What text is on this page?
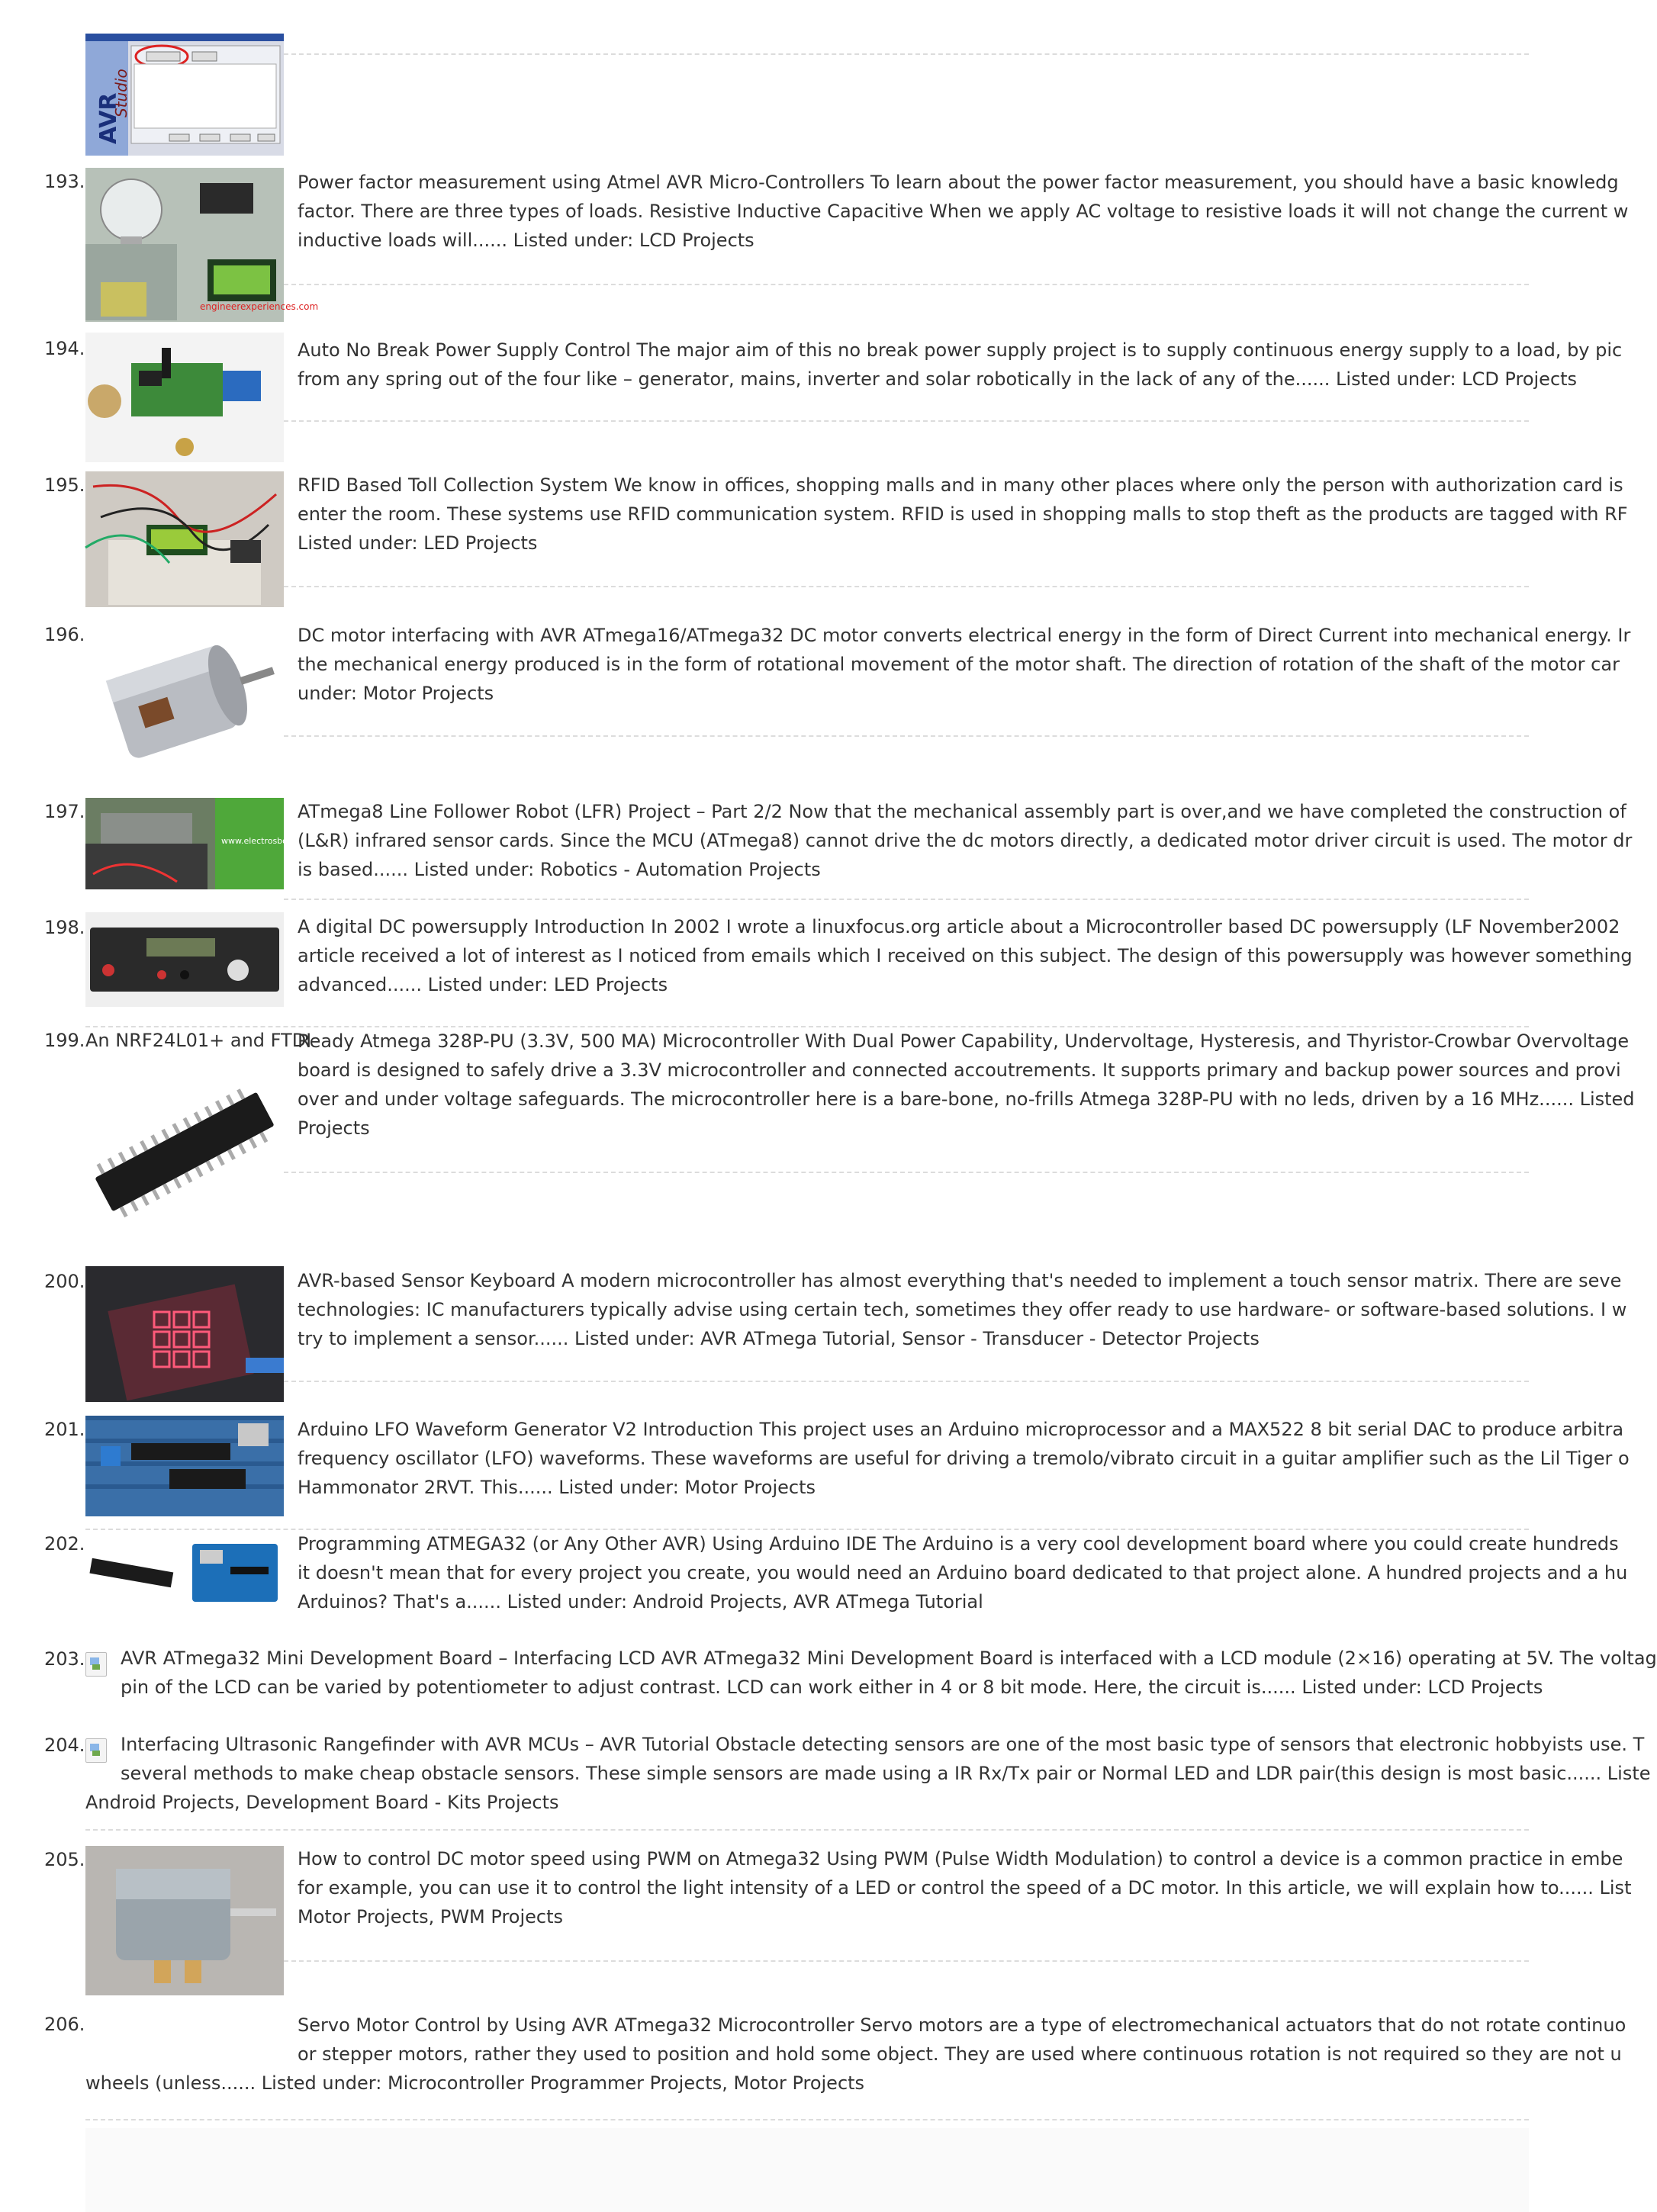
AVR
Studio
193.
engineerexperiences.com
Power factor measurement using Atmel AVR Micro-Controllers To learn about the power factor measurement, you should have a basic knowledg
factor. There are three types of loads. Resistive Inductive Capacitive When we apply AC voltage to resistive loads it will not change the current w
inductive loads will...... Listed under: LCD Projects
194.	Auto No Break Power Supply Control The major aim of this no break power supply project is to supply continuous energy supply to a load, by pic
from any spring out of the four like – generator, mains, inverter and solar robotically in the lack of any of the...... Listed under: LCD Projects
195.	RFID Based Toll Collection System We know in offices, shopping malls and in many other places where only the person with authorization card is
enter the room. These systems use RFID communication system. RFID is used in shopping malls to stop theft as the products are tagged with RF
Listed under: LED Projects
196.	DC motor interfacing with AVR ATmega16/ATmega32 DC motor converts electrical energy in the form of Direct Current into mechanical energy. Ir
the mechanical energy produced is in the form of rotational movement of the motor shaft. The direction of rotation of the shaft of the motor car
under: Motor Projects
197.
www.electrosbo...
ATmega8 Line Follower Robot (LFR) Project – Part 2/2 Now that the mechanical assembly part is over,and we have completed the construction of
(L&R) infrared sensor cards. Since the MCU (ATmega8) cannot drive the dc motors directly, a dedicated motor driver circuit is used. The motor dr
is based...... Listed under: Robotics - Automation Projects
198.	A digital DC powersupply Introduction In 2002 I wrote a linuxfocus.org article about a Microcontroller based DC powersupply (LF November2002
article received a lot of interest as I noticed from emails which I received on this subject. The design of this powersupply was however something
advanced...... Listed under: LED Projects
199. An NRF24L01+ and FTDI
Ready Atmega 328P-PU (3.3V, 500 MA) Microcontroller With Dual Power Capability, Undervoltage, Hysteresis, and Thyristor-Crowbar Overvoltage
board is designed to safely drive a 3.3V microcontroller and connected accoutrements. It supports primary and backup power sources and provi
over and under voltage safeguards. The microcontroller here is a bare-bone, no-frills Atmega 328P-PU with no leds, driven by a 16 MHz...... Listed
Projects
200.	AVR-based Sensor Keyboard A modern microcontroller has almost everything that's needed to implement a touch sensor matrix. There are seve
technologies: IC manufacturers typically advise using certain tech, sometimes they offer ready to use hardware- or software-based solutions. I w
try to implement a sensor...... Listed under: AVR ATmega Tutorial, Sensor - Transducer - Detector Projects
201.	Arduino LFO Waveform Generator V2 Introduction This project uses an Arduino microprocessor and a MAX522 8 bit serial DAC to produce arbitra
frequency oscillator (LFO) waveforms. These waveforms are useful for driving a tremolo/vibrato circuit in a guitar amplifier such as the Lil Tiger o
Hammonator 2RVT. This...... Listed under: Motor Projects
202.	Programming ATMEGA32 (or Any Other AVR) Using Arduino IDE The Arduino is a very cool development board where you could create hundreds
it doesn't mean that for every project you create, you would need an Arduino board dedicated to that project alone. A hundred projects and a hu
Arduinos? That's a...... Listed under: Android Projects, AVR ATmega Tutorial
203. AVR ATmega32 Mini Development Board – Interfacing LCD AVR ATmega32 Mini Development Board is interfaced with a LCD module (2×16) operating at 5V. The voltag
pin of the LCD can be varied by potentiometer to adjust contrast. LCD can work either in 4 or 8 bit mode. Here, the circuit is...... Listed under: LCD Projects
204. Interfacing Ultrasonic Rangefinder with AVR MCUs – AVR Tutorial Obstacle detecting sensors are one of the most basic type of sensors that electronic hobbyists use. T
several methods to make cheap obstacle sensors. These simple sensors are made using a IR Rx/Tx pair or Normal LED and LDR pair(this design is most basic...... Liste
Android Projects, Development Board - Kits Projects
205.	How to control DC motor speed using PWM on Atmega32 Using PWM (Pulse Width Modulation) to control a device is a common practice in embe
for example, you can use it to control the light intensity of a LED or control the speed of a DC motor. In this article, we will explain how to...... List
Motor Projects, PWM Projects
206.	Servo Motor Control by Using AVR ATmega32 Microcontroller Servo motors are a type of electromechanical actuators that do not rotate continuo
or stepper motors, rather they used to position and hold some object. They are used where continuous rotation is not required so they are not u
wheels (unless...... Listed under: Microcontroller Programmer Projects, Motor Projects
